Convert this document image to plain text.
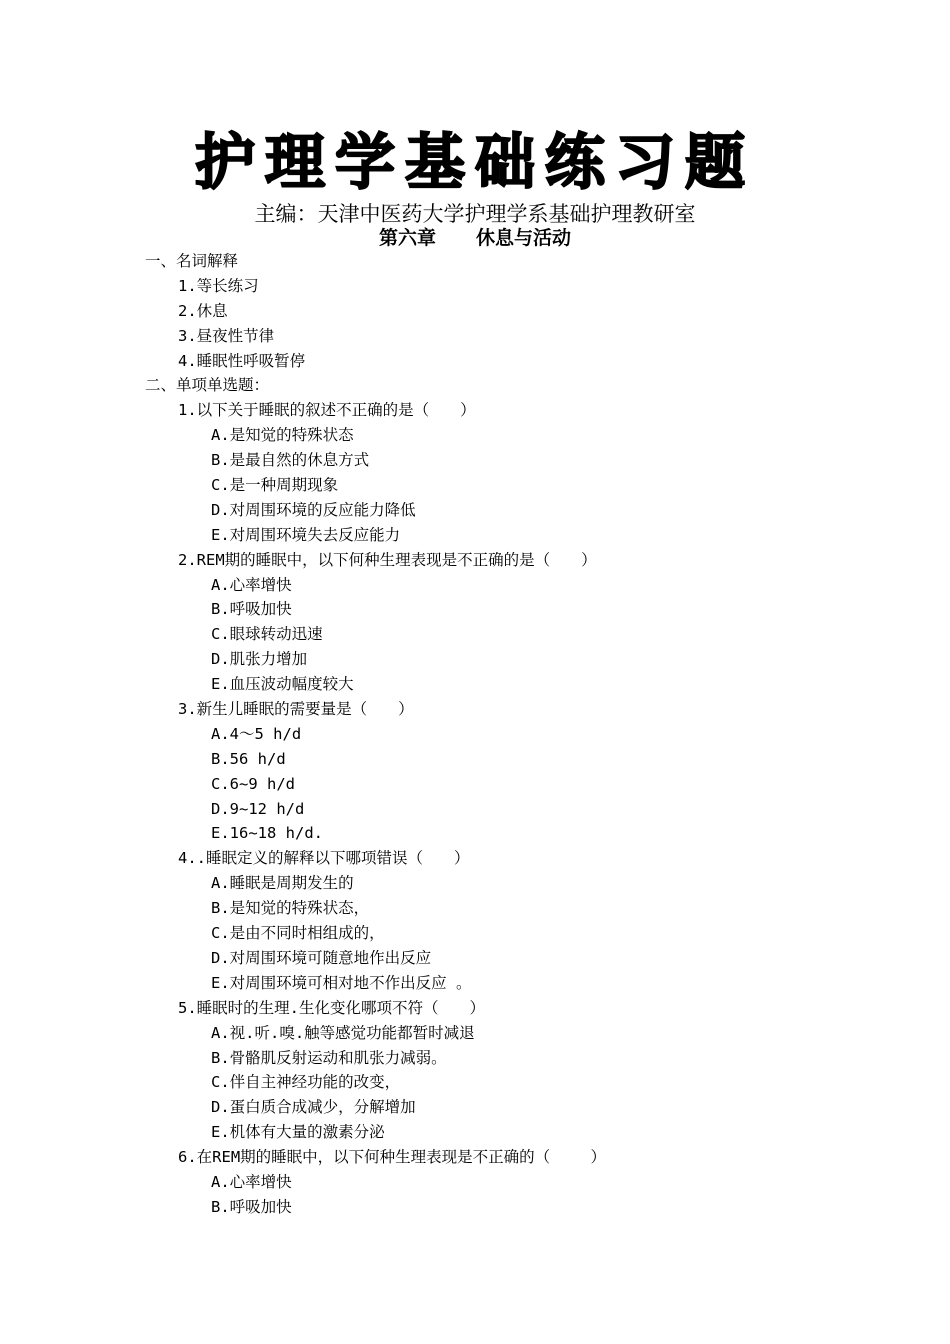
护理学基础练习题
主编：天津中医药大学护理学系基础护理教研室
第六章 休息与活动
一、名词解释
1.等长练习
2.休息
3.昼夜性节律
4.睡眠性呼吸暂停
二、单项单选题：
1.以下关于睡眠的叙述不正确的是（　　）
A.是知觉的特殊状态
B.是最自然的休息方式
C.是一种周期现象
D.对周围环境的反应能力降低
E.对周围环境失去反应能力
2.REM期的睡眠中，以下何种生理表现是不正确的是（　　）
A.心率增快
B.呼吸加快
C.眼球转动迅速
D.肌张力增加
E.血压波动幅度较大
3.新生儿睡眠的需要量是（　　）
A.4～5 h/d
B.56 h/d
C.6~9 h/d
D.9~12 h/d
E.16~18 h/d.
4..睡眠定义的解释以下哪项错误（　　）
A.睡眠是周期发生的
B.是知觉的特殊状态，
C.是由不同时相组成的，
D.对周围环境可随意地作出反应
E.对周围环境可相对地不作出反应 。
5.睡眠时的生理.生化变化哪项不符（　　）
A.视.听.嗅.触等感觉功能都暂时减退
B.骨骼肌反射运动和肌张力减弱。
C.伴自主神经功能的改变，
D.蛋白质合成减少，分解增加
E.机体有大量的激素分泌
6.在REM期的睡眠中，以下何种生理表现是不正确的（　　 ）
A.心率增快
B.呼吸加快
